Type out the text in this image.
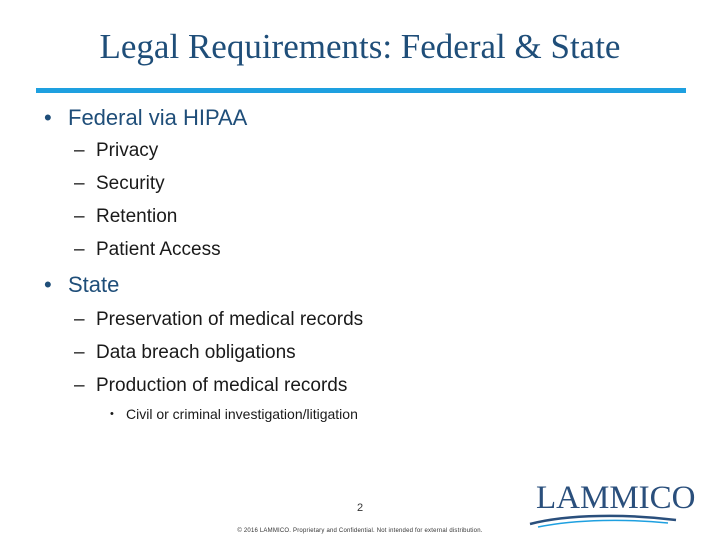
Legal Requirements: Federal & State
• Federal via HIPAA
– Privacy
– Security
– Retention
– Patient Access
• State
– Preservation of medical records
– Data breach obligations
– Production of medical records
• Civil or criminal investigation/litigation
2
© 2016 LAMMICO. Proprietary and Confidential. Not intended for external distribution.
LAMMICO
